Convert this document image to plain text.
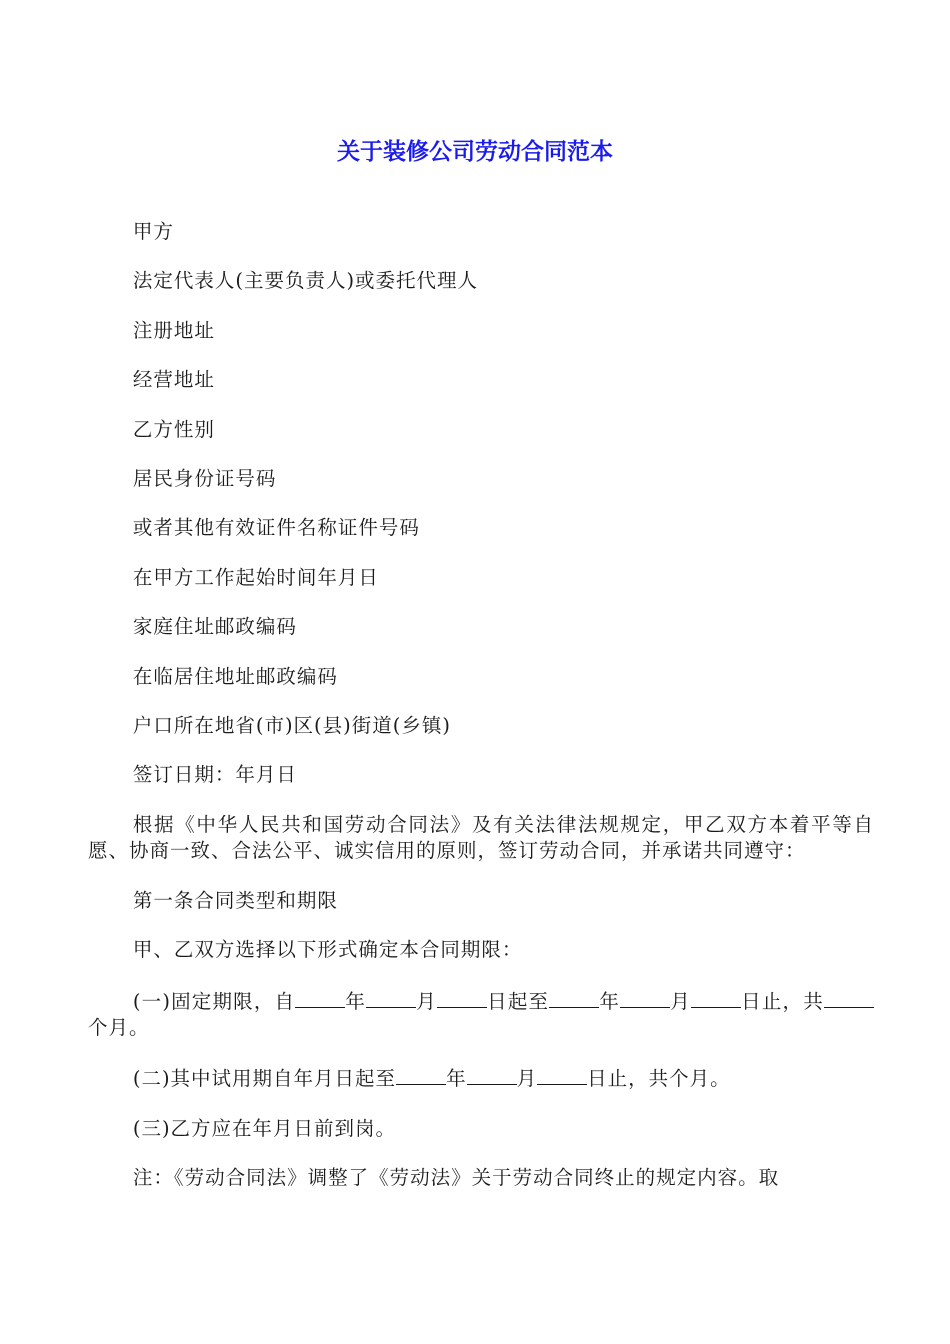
关于装修公司劳动合同范本

甲方

法定代表人(主要负责人)或委托代理人

注册地址

经营地址

乙方性别

居民身份证号码

或者其他有效证件名称证件号码

在甲方工作起始时间年月日

家庭住址邮政编码

在临居住地址邮政编码

户口所在地省(市)区(县)街道(乡镇)

签订日期：年月日

根据《中华人民共和国劳动合同法》及有关法律法规规定，甲乙双方本着平等自愿、协商一致、合法公平、诚实信用的原则，签订劳动合同，并承诺共同遵守：

第一条合同类型和期限

甲、乙双方选择以下形式确定本合同期限：

(一)固定期限，自	年	月	日起至	年	月	日止，共个月。

(二)其中试用期自年月日起至	年	月	日止，共个月。

(三)乙方应在年月日前到岗。

注：《劳动合同法》调整了《劳动法》关于劳动合同终止的规定内容。取
